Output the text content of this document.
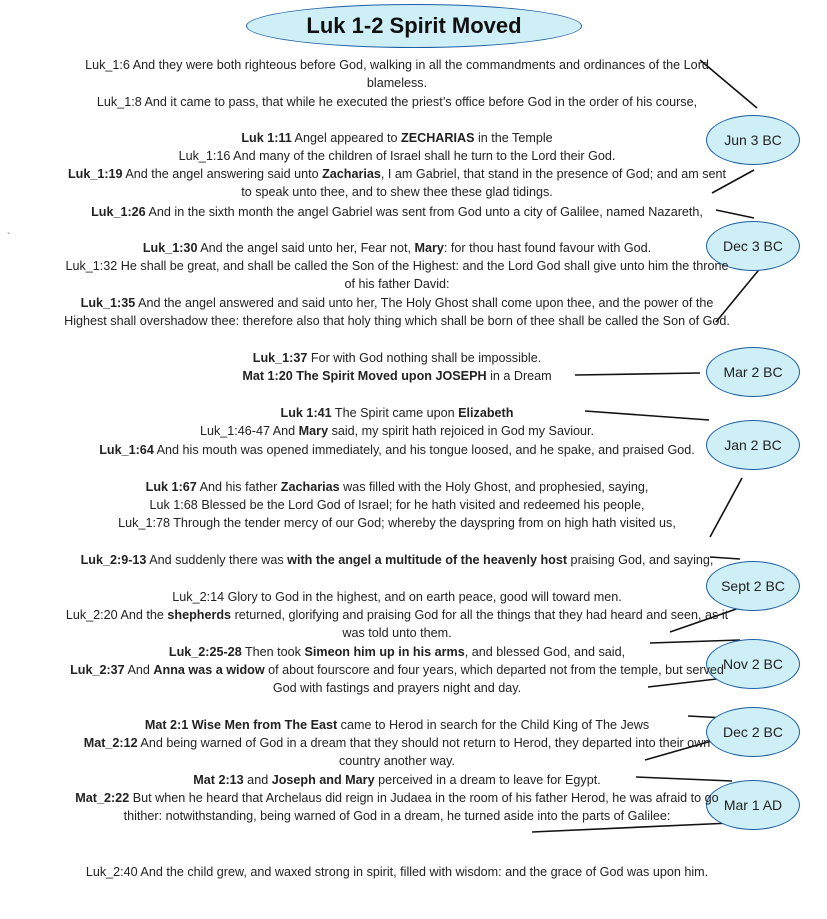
Luk 1-2 Spirit Moved
`
Jun 3 BC
Dec 3 BC
Mar 2 BC
Jan 2 BC
Sept 2 BC
Nov 2 BC
Dec 2 BC
Mar 1 AD
Luk_1:6 And they were both righteous before God, walking in all the commandments and ordinances of the Lord blameless.
Luk_1:8 And it came to pass, that while he executed the priest’s office before God in the order of his course,
Luk 1:11 Angel appeared to ZECHARIAS in the Temple
Luk_1:16 And many of the children of Israel shall he turn to the Lord their God.
Luk_1:19 And the angel answering said unto Zacharias, I am Gabriel, that stand in the presence of God; and am sent to speak unto thee, and to shew thee these glad tidings.
Luk_1:26 And in the sixth month the angel Gabriel was sent from God unto a city of Galilee, named Nazareth,
Luk_1:30 And the angel said unto her, Fear not, Mary: for thou hast found favour with God.
Luk_1:32 He shall be great, and shall be called the Son of the Highest: and the Lord God shall give unto him the throne of his father David:
Luk_1:35 And the angel answered and said unto her, The Holy Ghost shall come upon thee, and the power of the Highest shall overshadow thee: therefore also that holy thing which shall be born of thee shall be called the Son of God.
Luk_1:37 For with God nothing shall be impossible.
Mat 1:20 The Spirit Moved upon JOSEPH in a Dream
Luk 1:41 The Spirit came upon Elizabeth
Luk_1:46-47 And Mary said, my spirit hath rejoiced in God my Saviour.
Luk_1:64 And his mouth was opened immediately, and his tongue loosed, and he spake, and praised God.
Luk 1:67 And his father Zacharias was filled with the Holy Ghost, and prophesied, saying,
Luk 1:68 Blessed be the Lord God of Israel; for he hath visited and redeemed his people,
Luk_1:78 Through the tender mercy of our God; whereby the dayspring from on high hath visited us,
Luk_2:9-13 And suddenly there was with the angel a multitude of the heavenly host praising God, and saying,
Luk_2:14 Glory to God in the highest, and on earth peace, good will toward men.
Luk_2:20 And the shepherds returned, glorifying and praising God for all the things that they had heard and seen, as it was told unto them.
Luk_2:25-28 Then took Simeon him up in his arms, and blessed God, and said,
Luk_2:37 And Anna was a widow of about fourscore and four years, which departed not from the temple, but served God with fastings and prayers night and day.
Mat 2:1 Wise Men from The East came to Herod in search for the Child King of The Jews
Mat_2:12 And being warned of God in a dream that they should not return to Herod, they departed into their own country another way.
Mat 2:13 and Joseph and Mary perceived in a dream to leave for Egypt.
Mat_2:22 But when he heard that Archelaus did reign in Judaea in the room of his father Herod, he was afraid to go thither: notwithstanding, being warned of God in a dream, he turned aside into the parts of Galilee:
Luk_2:40 And the child grew, and waxed strong in spirit, filled with wisdom: and the grace of God was upon him.
